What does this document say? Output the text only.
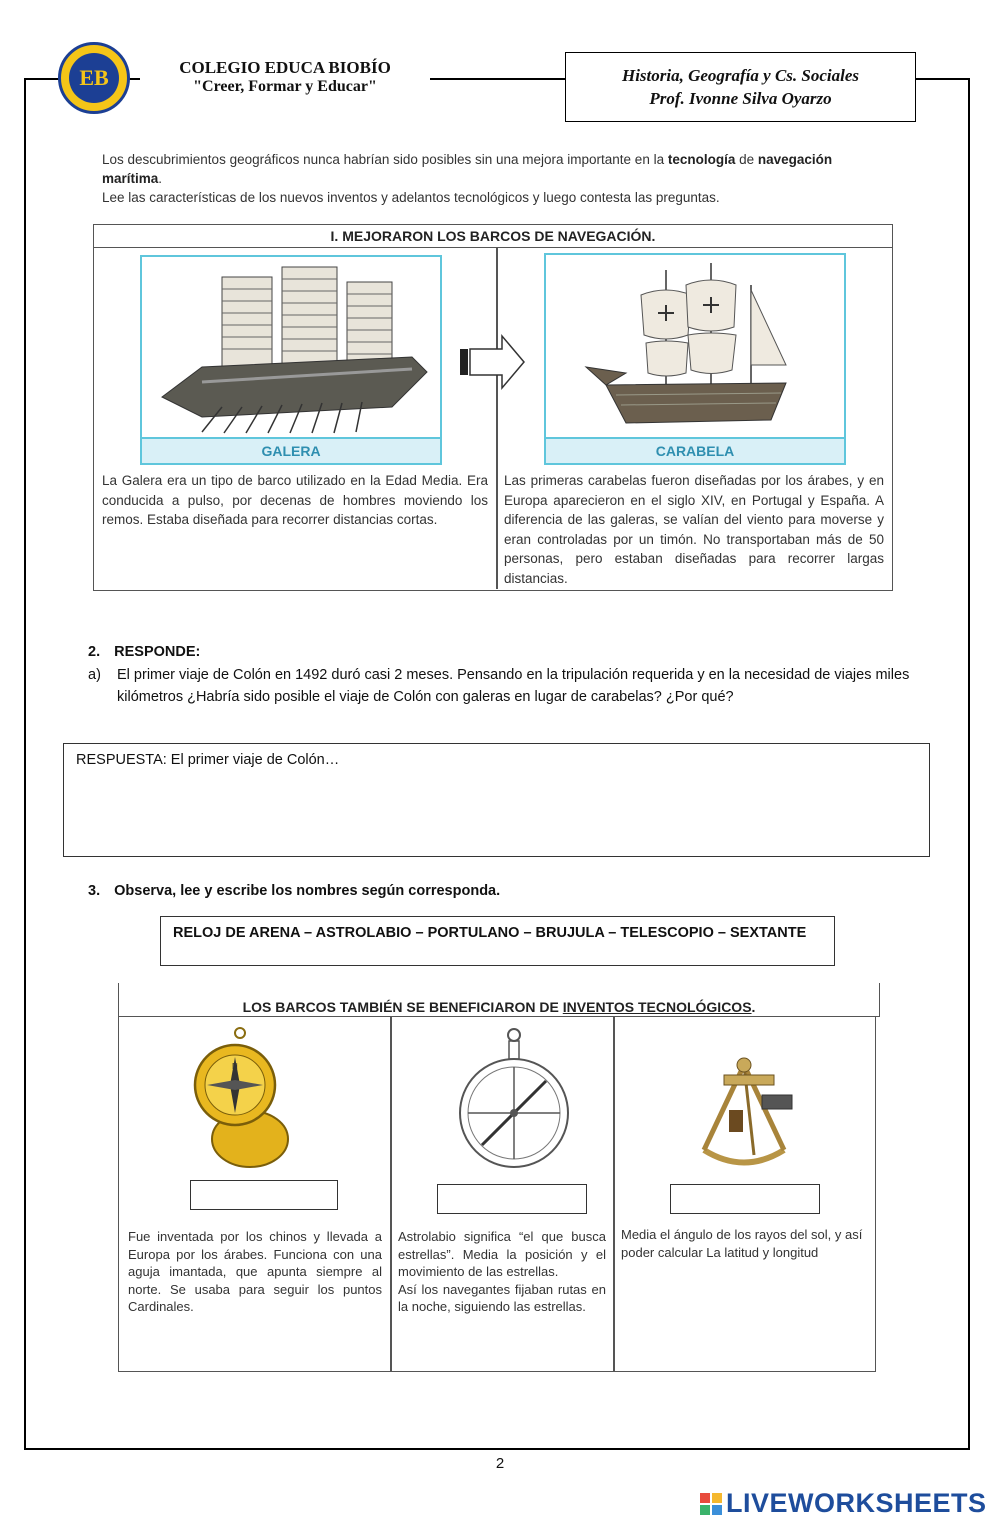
EB	COLEGIO EDUCA BIOBÍO
"Creer, Formar y Educar"
Historia, Geografía y Cs. Sociales
Prof. Ivonne Silva Oyarzo
Los descubrimientos geográficos nunca habrían sido posibles sin una mejora importante en la tecnología de navegación marítima.
Lee las características de los nuevos inventos y adelantos tecnológicos y luego contesta las preguntas.
I. MEJORARON LOS BARCOS DE NAVEGACIÓN.
GALERA	CARABELA
La Galera era un tipo de barco utilizado en la Edad Media. Era conducida a pulso, por decenas de hombres moviendo los remos. Estaba diseñada para recorrer distancias cortas.
Las primeras carabelas fueron diseñadas por los árabes, y en Europa aparecieron en el siglo XIV, en Portugal y España. A diferencia de las galeras, se valían del viento para moverse y eran controladas por un timón. No transportaban más de 50 personas, pero estaban diseñadas para recorrer largas distancias.
2. RESPONDE:
a) El primer viaje de Colón en 1492 duró casi 2 meses. Pensando en la tripulación requerida y en la necesidad de viajes miles kilómetros ¿Habría sido posible el viaje de Colón con galeras en lugar de carabelas? ¿Por qué?
RESPUESTA: El primer viaje de Colón…
3. Observa, lee y escribe los nombres según corresponda.
RELOJ DE ARENA – ASTROLABIO – PORTULANO – BRUJULA – TELESCOPIO – SEXTANTE
LOS BARCOS TAMBIÉN SE BENEFICIARON DE INVENTOS TECNOLÓGICOS.
N
Fue inventada por los chinos y llevada a Europa por los árabes. Funciona con una aguja imantada, que apunta siempre al norte. Se usaba para seguir los puntos Cardinales.
Astrolabio significa “el que busca estrellas”. Media la posición y el movimiento de las estrellas.
Así los navegantes fijaban rutas en la noche, siguiendo las estrellas.
Media el ángulo de los rayos del sol, y así poder calcular La latitud y longitud
2
LIVEWORKSHEETS
